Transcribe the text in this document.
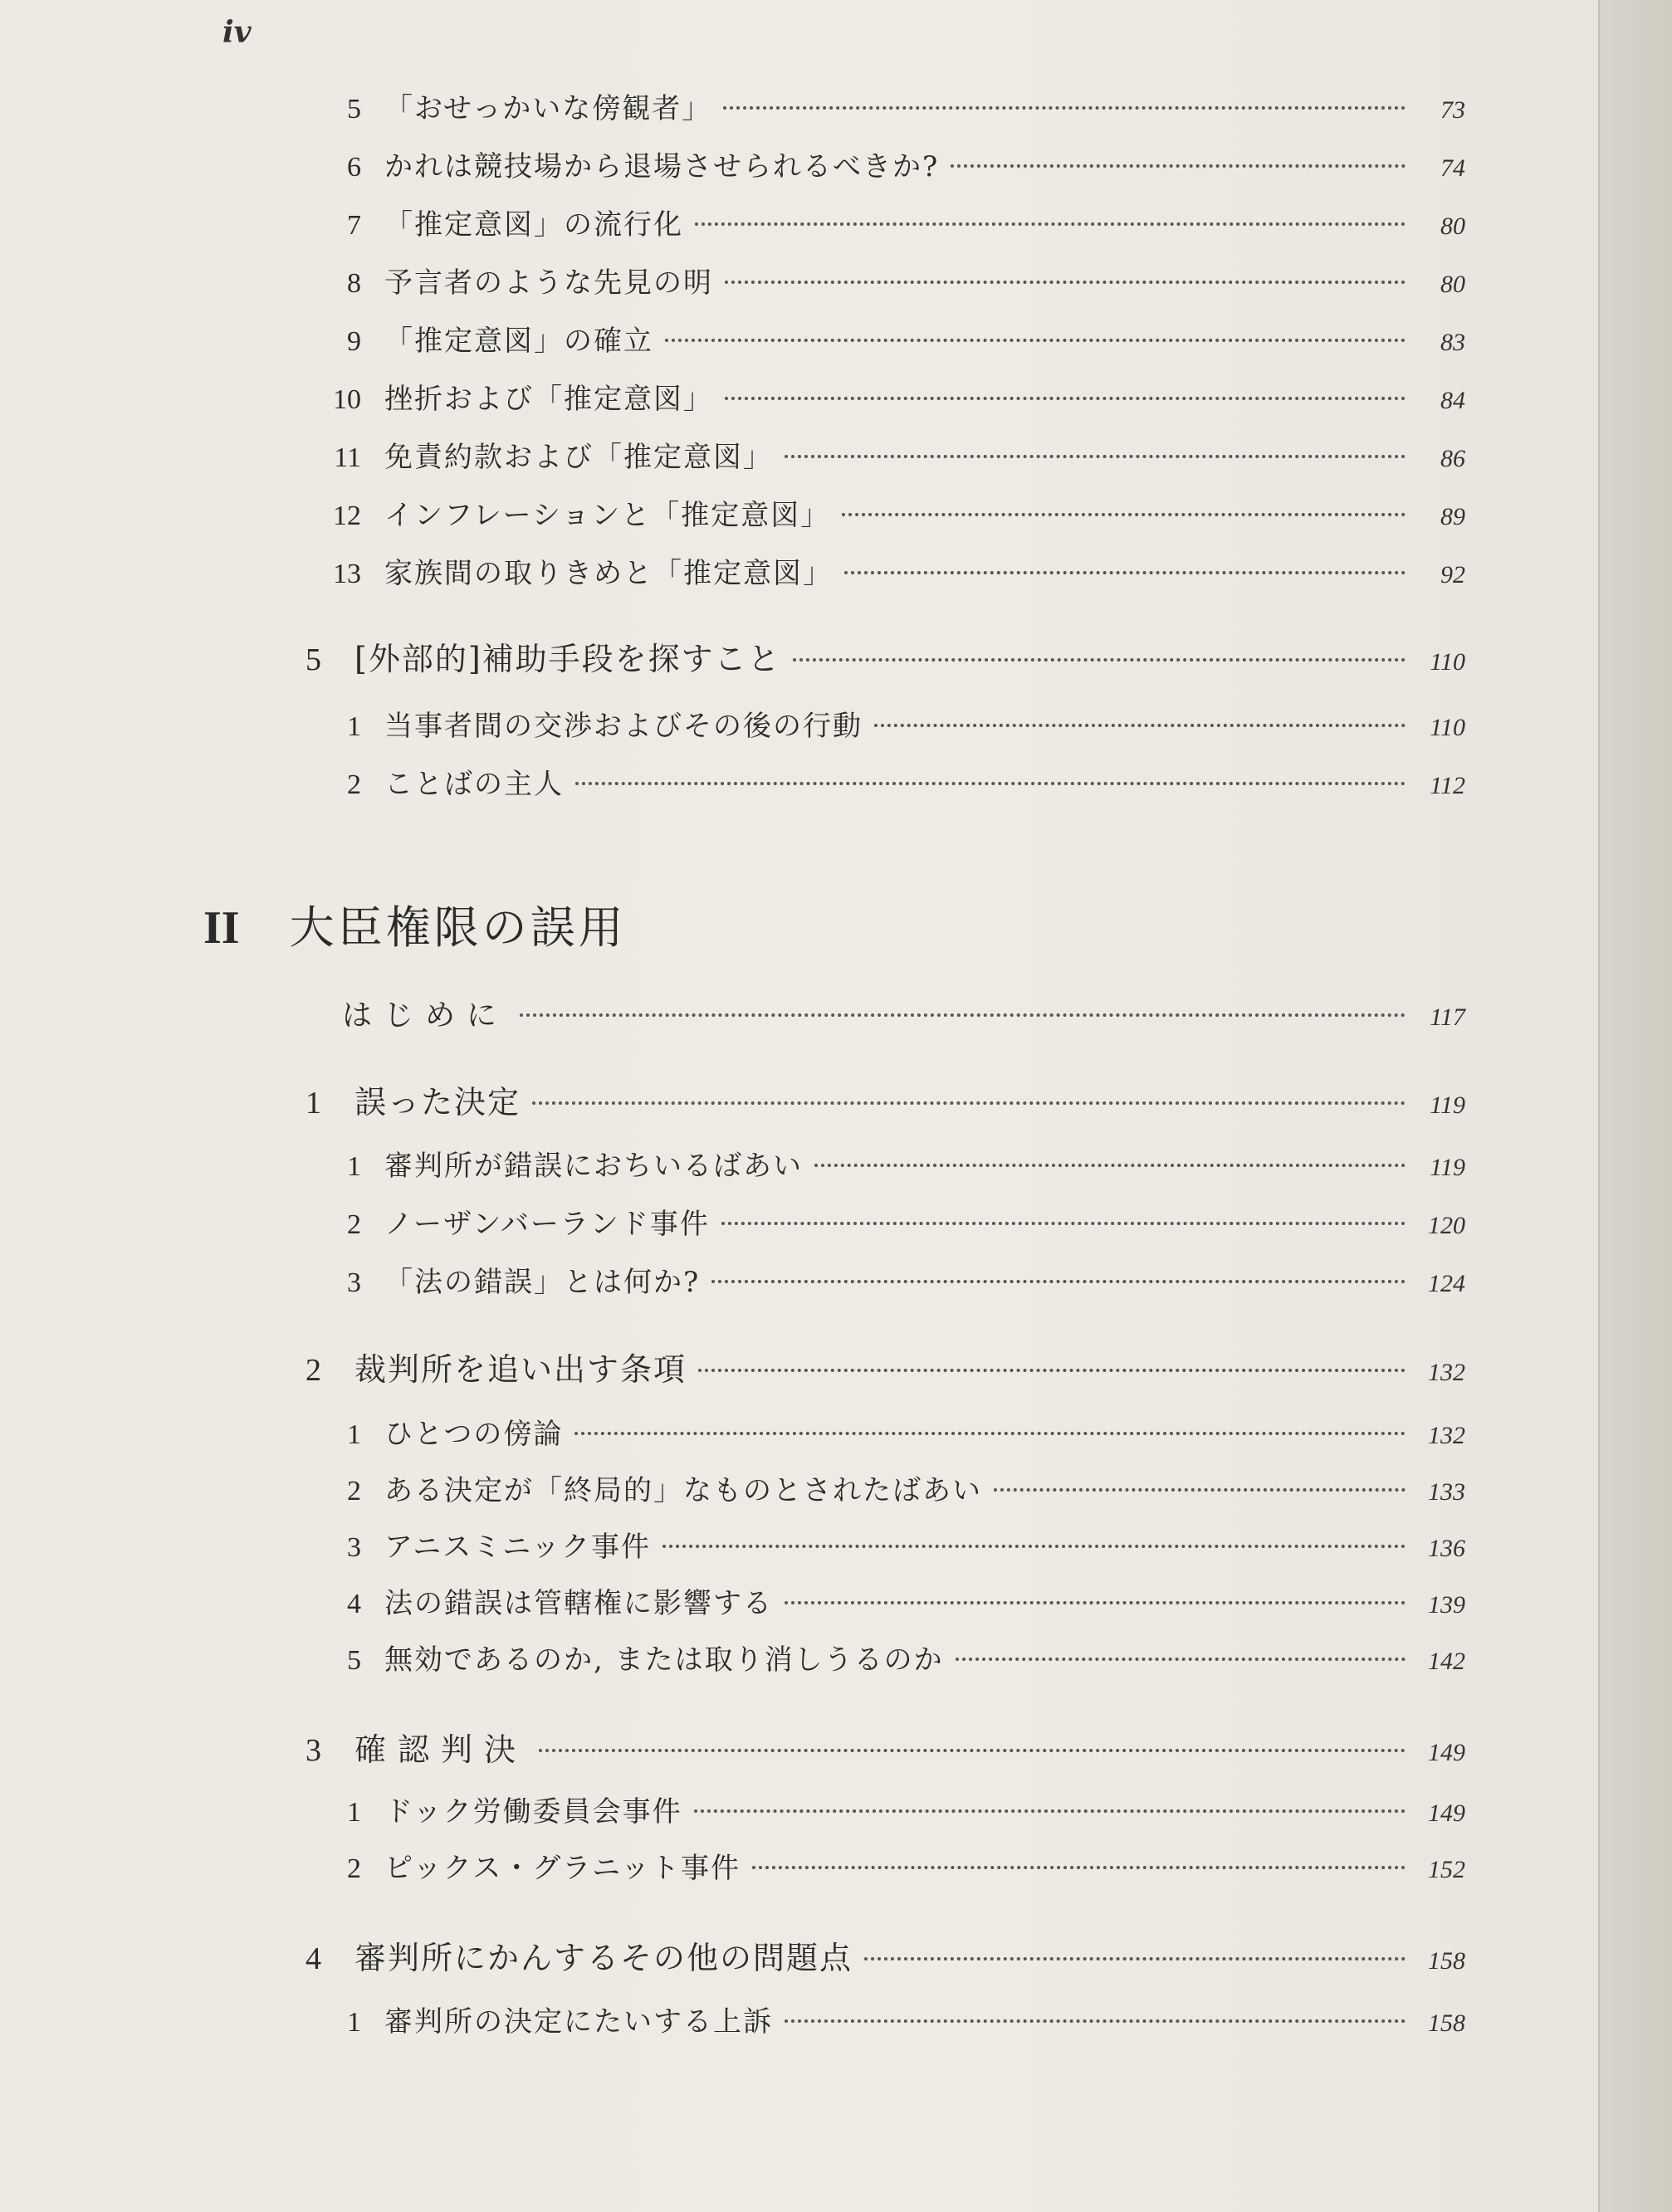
iv
5 「おせっかいな傍観者」	73
6 かれは競技場から退場させられるべきか?	74
7 「推定意図」の流行化	80
8 予言者のような先見の明	80
9 「推定意図」の確立	83
10 挫折および「推定意図」	84
11 免責約款および「推定意図」	86
12 インフレーションと「推定意図」	89
13 家族間の取りきめと「推定意図」	92
5 [外部的]補助手段を探すこと	110
1 当事者間の交渉およびその後の行動	110
2 ことばの主人	112
II 大臣権限の誤用
はじめに	117
1 誤った決定	119
1 審判所が錯誤におちいるばあい	119
2 ノーザンバーランド事件	120
3 「法の錯誤」とは何か?	124
2 裁判所を追い出す条項	132
1 ひとつの傍論	132
2 ある決定が「終局的」なものとされたばあい	133
3 アニスミニック事件	136
4 法の錯誤は管轄権に影響する	139
5 無効であるのか, または取り消しうるのか	142
3 確認判決	149
1 ドック労働委員会事件	149
2 ピックス・グラニット事件	152
4 審判所にかんするその他の問題点	158
1 審判所の決定にたいする上訴	158
